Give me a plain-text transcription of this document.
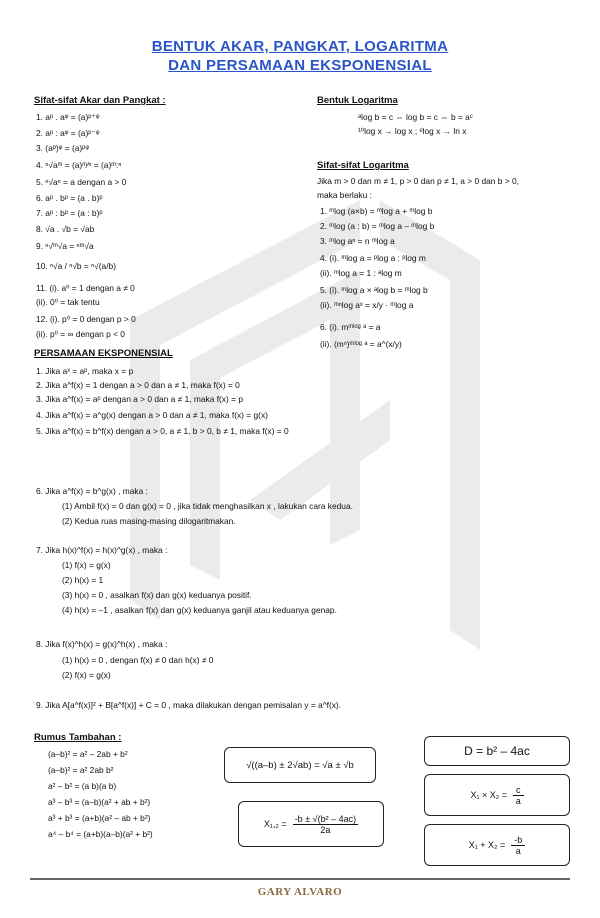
BENTUK AKAR, PANGKAT, LOGARITMA
DAN PERSAMAAN EKSPONENSIAL
Sifat-sifat Akar dan Pangkat :
1. aᵖ . aᵠ = (a)ᵖ⁺ᵠ
2. aᵖ : aᵠ = (a)ᵖ⁻ᵠ
3. (aᵖ)ᵠ = (a)ᵖᵠ
4. ⁿ√aᵐ = (a)ᵐ⁄ⁿ = (a)ᵐ:ⁿ
5. ⁿ√aⁿ = a dengan a > 0
6. aᵖ . bᵖ = (a . b)ᵖ
7. aᵖ : bᵖ = (a : b)ᵖ
8. √a . √b = √ab
9. ⁿ√ᵐ√a = ⁿᵐ√a
10. ⁿ√a / ⁿ√b = ⁿ√(a/b)
11. (i). a⁰ = 1 dengan a ≠ 0
(ii). 0⁰ = tak tentu
12. (i). p⁰ = 0 dengan p > 0
(ii). p⁰ = ∞ dengan p < 0
Bentuk Logaritma
ᵃlog b = c ⇔ log b = c ⇔ b = aᶜ
¹⁰log x → log x ; ᵉlog x → ln x
Sifat-sifat Logaritma
Jika m > 0 dan m ≠ 1, p > 0 dan p ≠ 1, a > 0 dan b > 0,
maka berlaku :
1. ᵐlog (a×b) = ᵐlog a + ᵐlog b
2. ᵐlog (a : b) = ᵐlog a – ᵐlog b
3. ᵐlog aⁿ = n ᵐlog a
4. (i). ᵐlog a = ᵖlog a : ᵖlog m
(ii). ᵐlog a = 1 : ᵃlog m
5. (i). ᵐlog a × ᵃlog b = ᵐlog b
(ii). ᵐⁿlog aˣ = x/y · ᵐlog a
6. (i). mᵐˡᵒᵍ ᵃ = a
(ii). (mⁿ)ᵐˡᵒᵍ ᵃ = a^(x/y)
PERSAMAAN EKSPONENSIAL
1. Jika aˣ = aᵖ, maka x = p
2. Jika a^f(x) = 1 dengan a > 0 dan a ≠ 1, maka f(x) = 0
3. Jika a^f(x) = aᵖ dengan a > 0 dan a ≠ 1, maka f(x) = p
4. Jika a^f(x) = a^g(x) dengan a > 0 dan a ≠ 1, maka f(x) = g(x)
5. Jika a^f(x) = b^f(x) dengan a > 0, a ≠ 1, b > 0, b ≠ 1, maka f(x) = 0
6. Jika a^f(x) = b^g(x) , maka :
(1) Ambil f(x) = 0 dan g(x) = 0 , jika tidak menghasilkan x , lakukan cara kedua.
(2) Kedua ruas masing-masing dilogaritmakan.
7. Jika h(x)^f(x) = h(x)^g(x) , maka :
(1) f(x) = g(x)
(2) h(x) = 1
(3) h(x) = 0 , asalkan f(x) dan g(x) keduanya positif.
(4) h(x) = –1 , asalkan f(x) dan g(x) keduanya ganjil atau keduanya genap.
8. Jika f(x)^h(x) = g(x)^h(x) , maka :
(1) h(x) = 0 , dengan f(x) ≠ 0 dan h(x) ≠ 0
(2) f(x) = g(x)
9. Jika A[a^f(x)]² + B[a^f(x)] + C = 0 , maka dilakukan dengan pemisalan y = a^f(x).
Rumus Tambahan :
(a–b)² = a² – 2ab + b²
(a–b)² = a² 2ab b²
a² – b² = (a b)(a b)
a³ – b³ = (a–b)(a² + ab + b²)
a³ + b³ = (a+b)(a² – ab + b²)
a⁴ – b⁴ = (a+b)(a–b)(a² + b²)
√((a–b) ± 2√ab) = √a ± √b
$X_1,_2 = \frac{\text{-b ± √(b² – 4ac)}}{2a}$
D = b² – 4ac
$X_1 \times X_2 = \frac{c}{a}$
$X_1 + X_2 = \frac{-b}{a}$
GARY ALVARO
